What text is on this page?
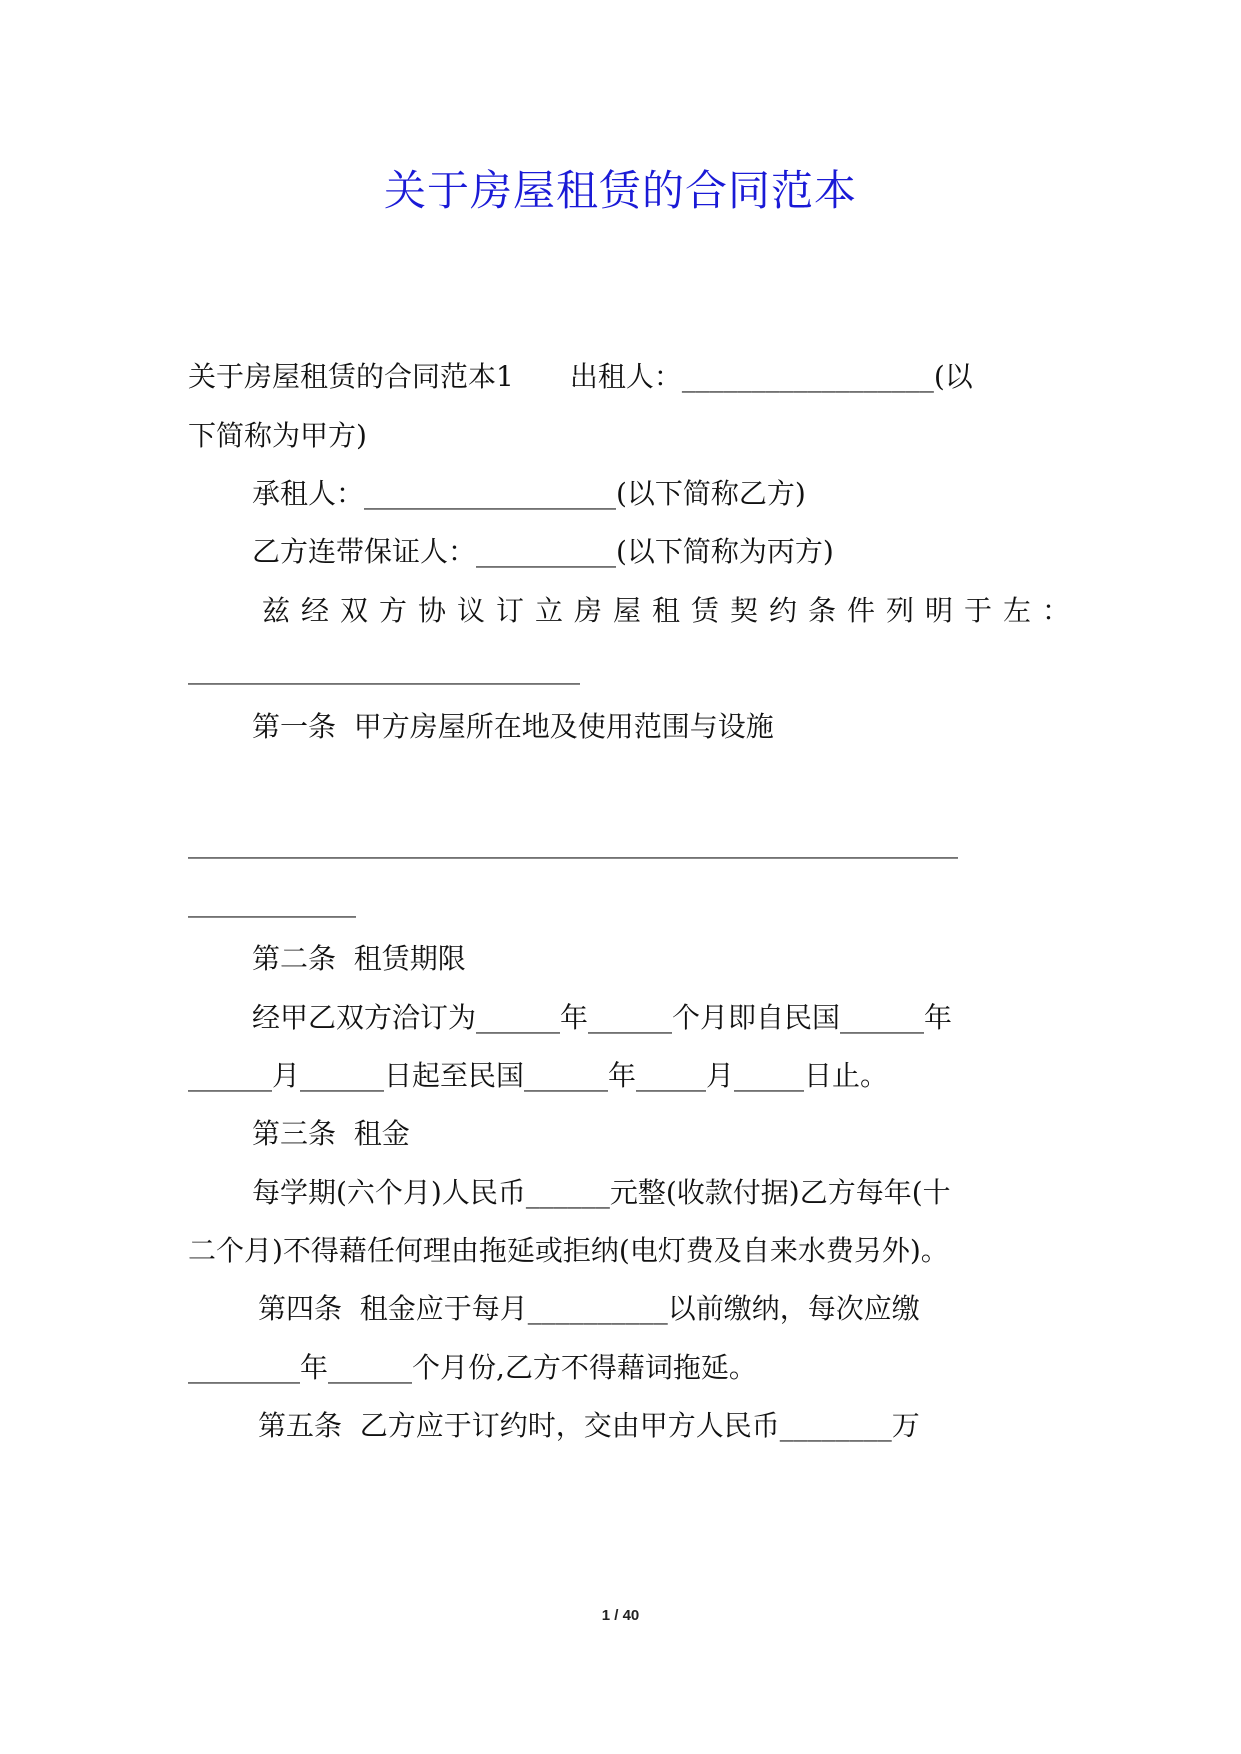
关于房屋租赁的合同范本
关于房屋租赁的合同范本1　　出租人：__________________(以
下简称为甲方)
承租人：__________________(以下简称乙方)
乙方连带保证人：__________(以下简称为丙方)
兹经双方协议订立房屋租赁契约条件列明于左：
____________________________
第一条  甲方房屋所在地及使用范围与设施
_______________________________________________________
____________
第二条  租赁期限
经甲乙双方洽订为______年______个月即自民国______年
______月______日起至民国______年_____月_____日止。
第三条  租金
每学期(六个月)人民币______元整(收款付据)乙方每年(十
二个月)不得藉任何理由拖延或拒纳(电灯费及自来水费另外)。
第四条  租金应于每月__________以前缴纳，每次应缴
________年______个月份,乙方不得藉词拖延。
第五条  乙方应于订约时，交由甲方人民币________万
1 / 40
